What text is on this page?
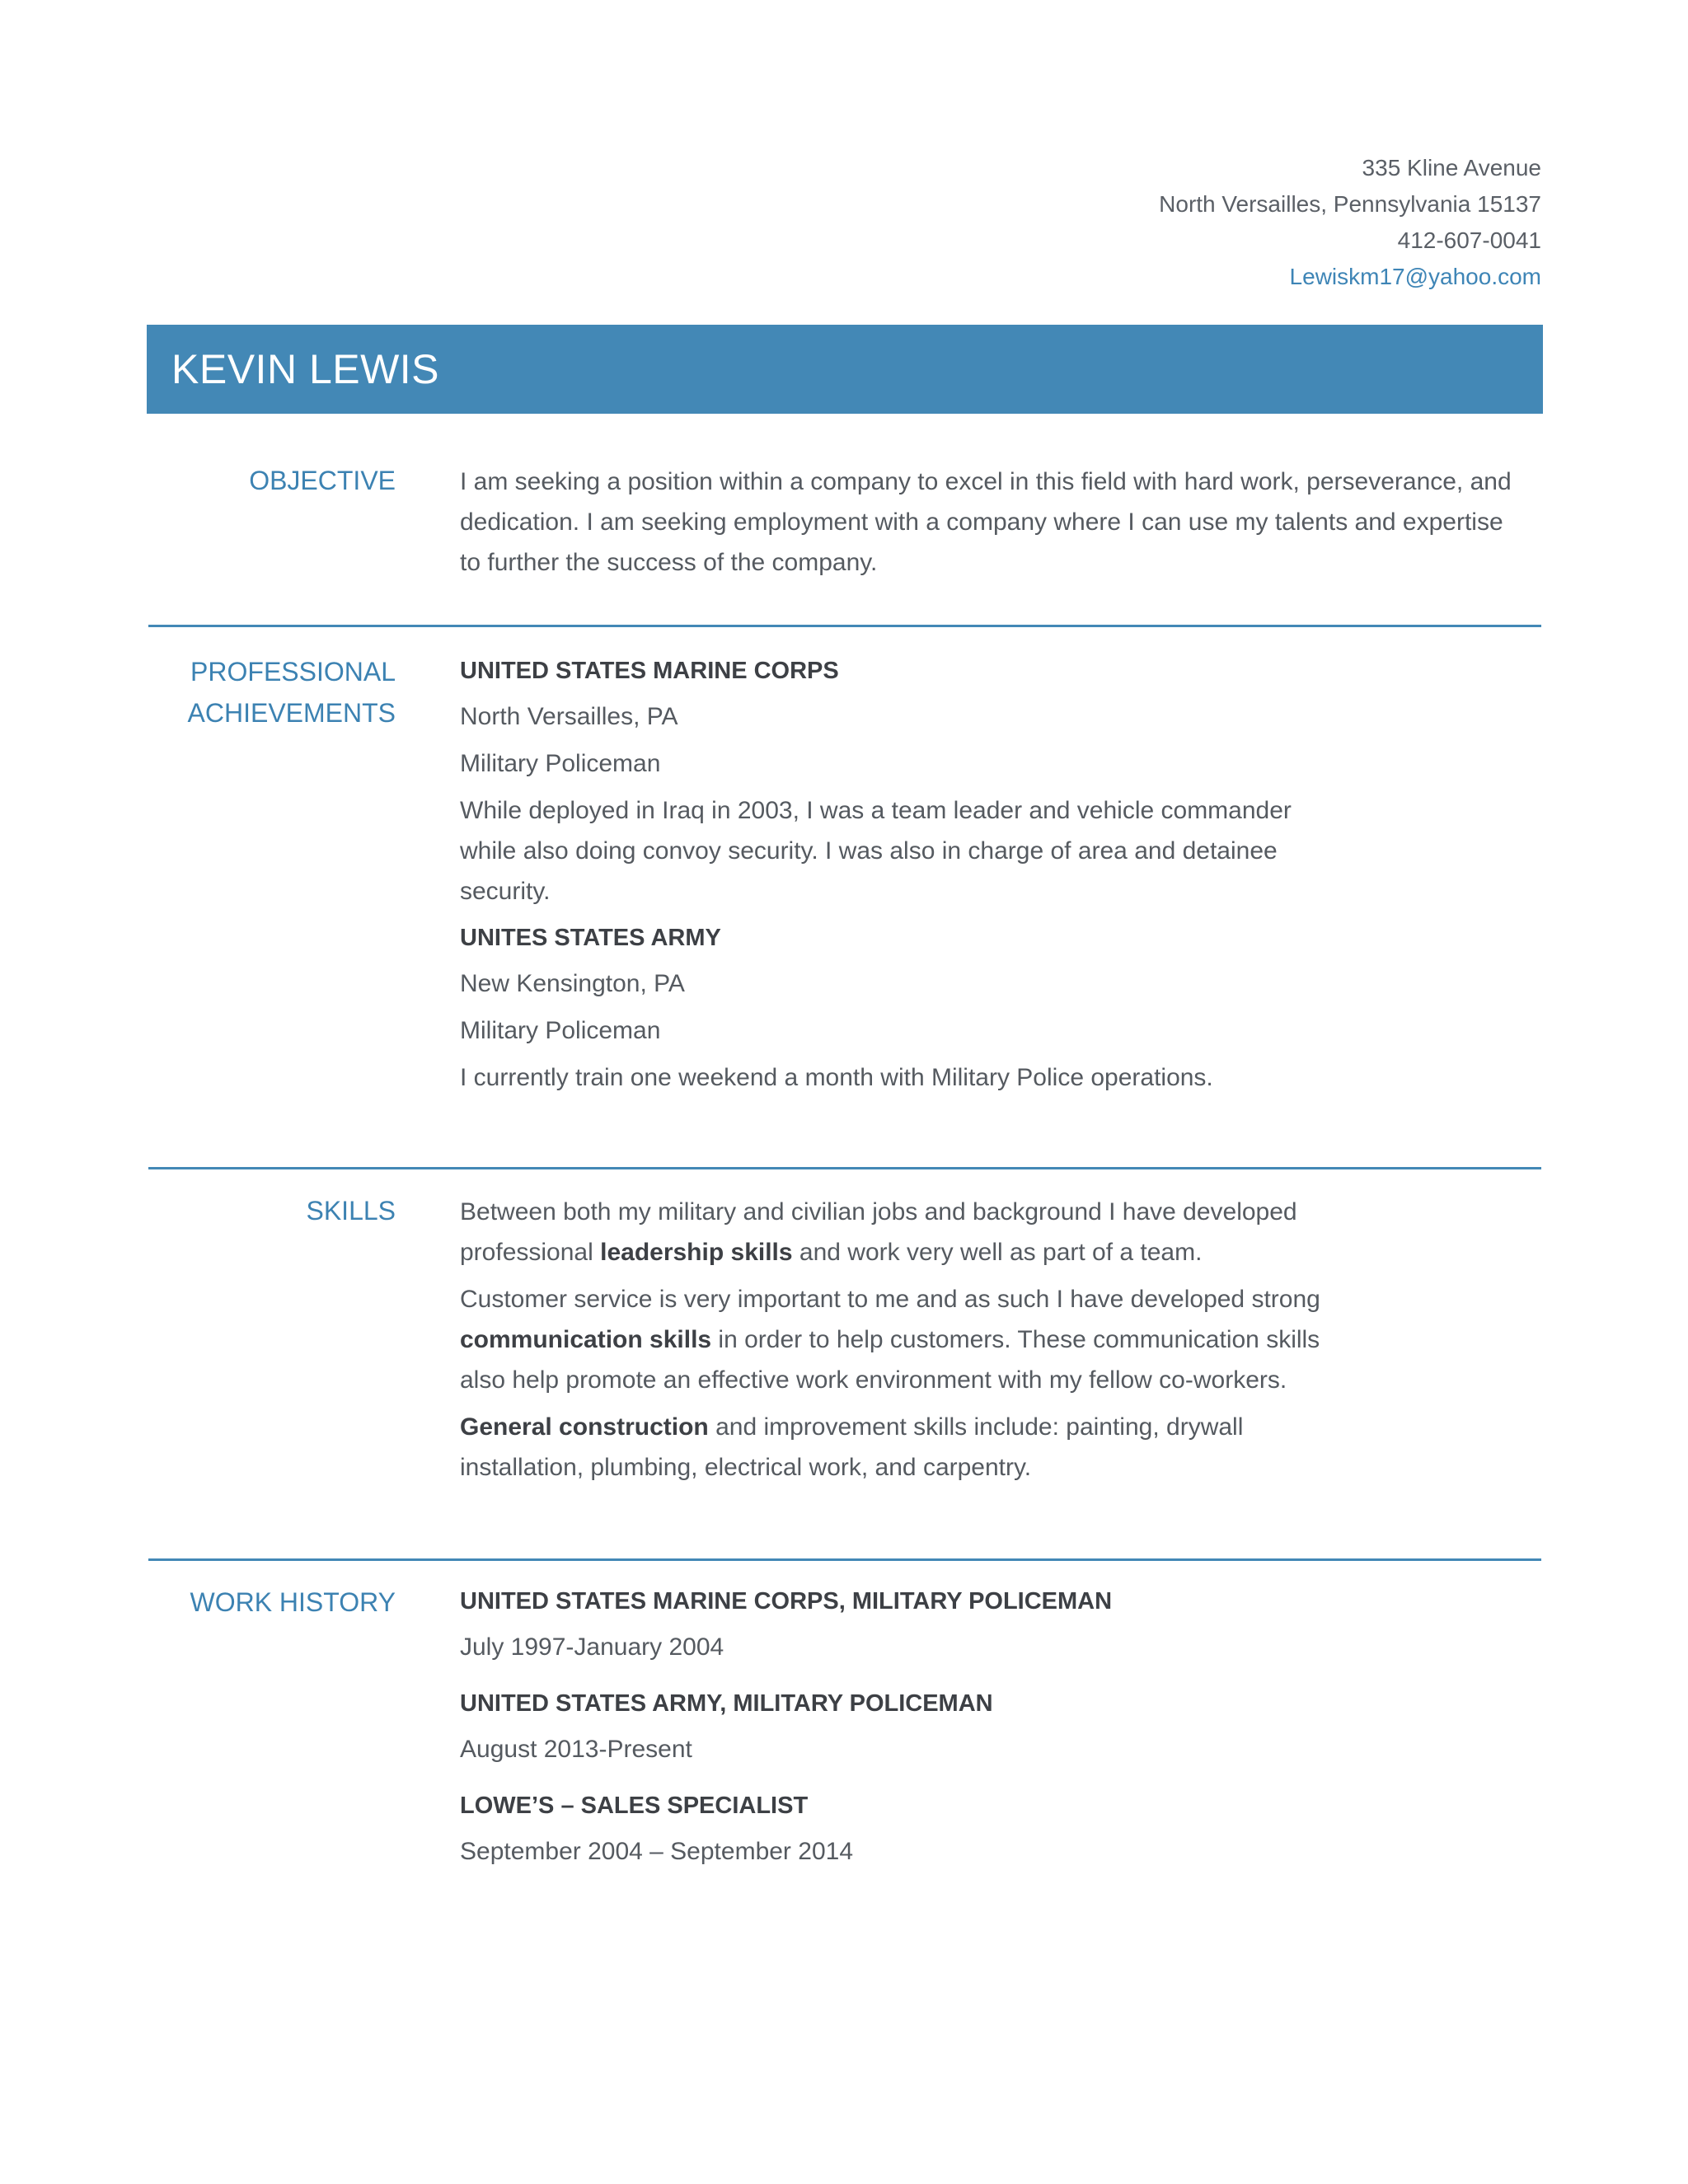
335 Kline Avenue
North Versailles, Pennsylvania 15137
412-607-0041
Lewiskm17@yahoo.com
KEVIN LEWIS
OBJECTIVE	I am seeking a position within a company to excel in this field with hard work, perseverance, and
dedication. I am seeking employment with a company where I can use my talents and expertise
to further the success of the company.
PROFESSIONAL
ACHIEVEMENTS
UNITED STATES MARINE CORPS
North Versailles, PA
Military Policeman
While deployed in Iraq in 2003, I was a team leader and vehicle commander
while also doing convoy security. I was also in charge of area and detainee
security.
UNITES STATES ARMY
New Kensington, PA
Military Policeman
I currently train one weekend a month with Military Police operations.
SKILLS	Between both my military and civilian jobs and background I have developed
professional leadership skills and work very well as part of a team.
Customer service is very important to me and as such I have developed strong
communication skills in order to help customers. These communication skills
also help promote an effective work environment with my fellow co-workers.
General construction and improvement skills include: painting, drywall
installation, plumbing, electrical work, and carpentry.
WORK HISTORY	UNITED STATES MARINE CORPS, MILITARY POLICEMAN
July 1997-January 2004
UNITED STATES ARMY, MILITARY POLICEMAN
August 2013-Present
LOWE’S – SALES SPECIALIST
September 2004 – September 2014
